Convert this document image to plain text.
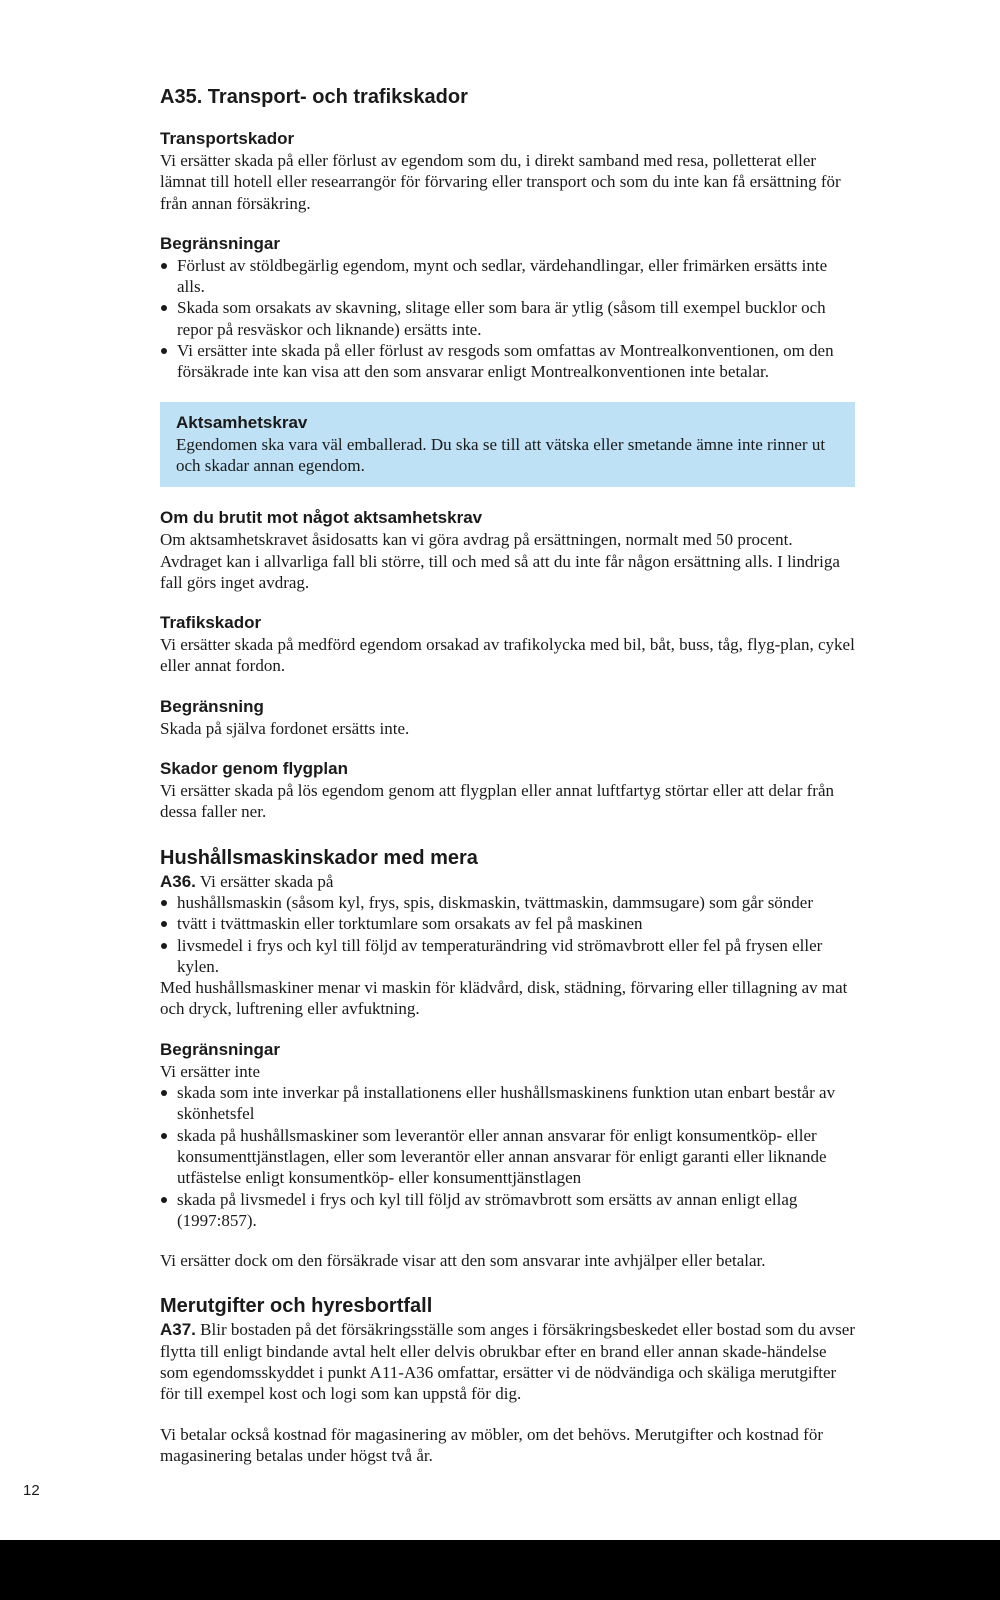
A35. Transport- och trafikskador
Transportskador

Vi ersätter skada på eller förlust av egendom som du, i direkt samband med resa, polletterat eller lämnat till hotell eller researrangör för förvaring eller transport och som du inte kan få ersättning för från annan försäkring.

Begränsningar
Förlust av stöldbegärlig egendom, mynt och sedlar, värdehandlingar, eller frimärken ersätts inte alls.
Skada som orsakats av skavning, slitage eller som bara är ytlig (såsom till exempel bucklor och repor på resväskor och liknande) ersätts inte.
Vi ersätter inte skada på eller förlust av resgods som omfattas av Montrealkonventionen, om den försäkrade inte kan visa att den som ansvarar enligt Montrealkonventionen inte betalar.
Aktsamhetskrav

Egendomen ska vara väl emballerad. Du ska se till att vätska eller smetande ämne inte rinner ut och skadar annan egendom.

Om du brutit mot något aktsamhetskrav

Om aktsamhetskravet åsidosatts kan vi göra avdrag på ersättningen, normalt med 50 procent. Avdraget kan i allvarliga fall bli större, till och med så att du inte får någon ersättning alls. I lindriga fall görs inget avdrag.

Trafikskador

Vi ersätter skada på medförd egendom orsakad av trafikolycka med bil, båt, buss, tåg, flyg-plan, cykel eller annat fordon.

Begränsning

Skada på själva fordonet ersätts inte.

Skador genom flygplan

Vi ersätter skada på lös egendom genom att flygplan eller annat luftfartyg störtar eller att delar från dessa faller ner.

Hushållsmaskinskador med mera

A36. Vi ersätter skada på

hushållsmaskin (såsom kyl, frys, spis, diskmaskin, tvättmaskin, dammsugare) som går sönder
tvätt i tvättmaskin eller torktumlare som orsakats av fel på maskinen
livsmedel i frys och kyl till följd av temperaturändring vid strömavbrott eller fel på frysen eller kylen.

Med hushållsmaskiner menar vi maskin för klädvård, disk, städning, förvaring eller tillagning av mat och dryck, luftrening eller avfuktning.

Begränsningar

Vi ersätter inte

skada som inte inverkar på installationens eller hushållsmaskinens funktion utan enbart består av skönhetsfel
skada på hushållsmaskiner som leverantör eller annan ansvarar för enligt konsumentköp- eller konsumenttjänstlagen, eller som leverantör eller annan ansvarar för enligt garanti eller liknande utfästelse enligt konsumentköp- eller konsumenttjänstlagen
skada på livsmedel i frys och kyl till följd av strömavbrott som ersätts av annan enligt ellag (1997:857).

Vi ersätter dock om den försäkrade visar att den som ansvarar inte avhjälper eller betalar.

Merutgifter och hyresbortfall

A37. Blir bostaden på det försäkringsställe som anges i försäkringsbeskedet eller bostad som du avser flytta till enligt bindande avtal helt eller delvis obrukbar efter en brand eller annan skade-händelse som egendomsskyddet i punkt A11-A36 omfattar, ersätter vi de nödvändiga och skäliga merutgifter för till exempel kost och logi som kan uppstå för dig.

Vi betalar också kostnad för magasinering av möbler, om det behövs. Merutgifter och kostnad för magasinering betalas under högst två år.

12
